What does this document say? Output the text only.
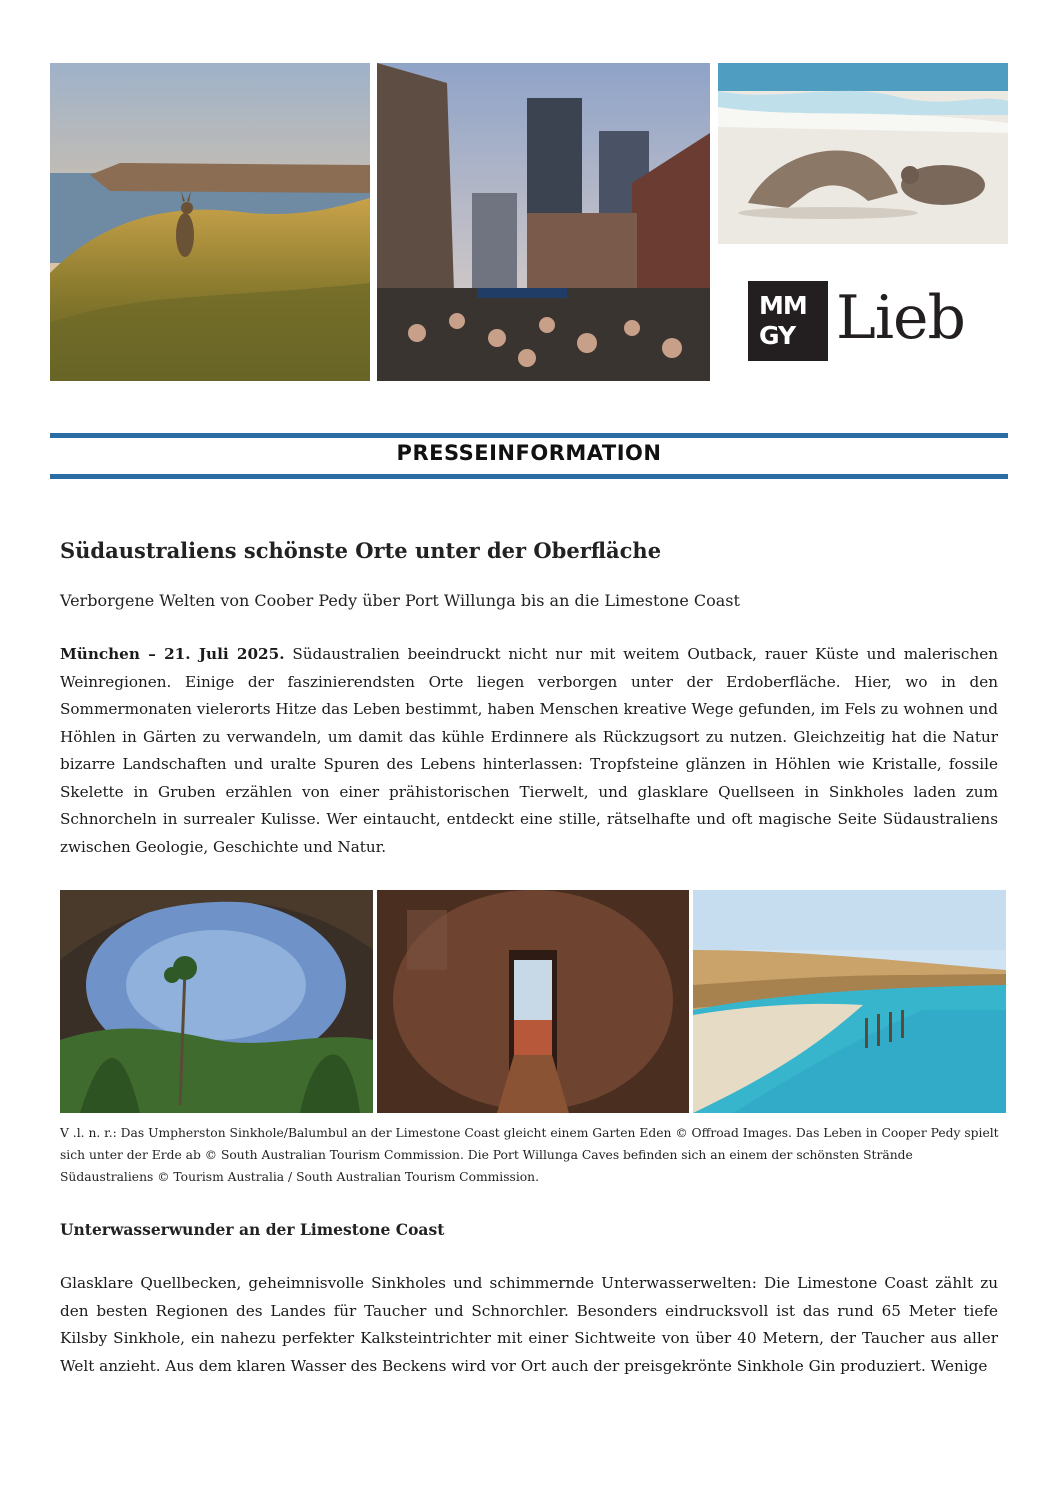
MM
GY Lieb
PRESSEINFORMATION
Südaustraliens schönste Orte unter der Oberfläche
Verborgene Welten von Coober Pedy über Port Willunga bis an die Limestone Coast
München – 21. Juli 2025. Südaustralien beeindruckt nicht nur mit weitem Outback, rauer Küste und malerischen Weinregionen. Einige der faszinierendsten Orte liegen verborgen unter der Erdoberfläche. Hier, wo in den Sommermonaten vielerorts Hitze das Leben bestimmt, haben Menschen kreative Wege gefunden, im Fels zu wohnen und Höhlen in Gärten zu verwandeln, um damit das kühle Erdinnere als Rückzugsort zu nutzen. Gleichzeitig hat die Natur bizarre Landschaften und uralte Spuren des Lebens hinterlassen: Tropfsteine glänzen in Höhlen wie Kristalle, fossile Skelette in Gruben erzählen von einer prähistorischen Tierwelt, und glasklare Quellseen in Sinkholes laden zum Schnorcheln in surrealer Kulisse. Wer eintaucht, entdeckt eine stille, rätselhafte und oft magische Seite Südaustraliens zwischen Geologie, Geschichte und Natur.
V .l. n. r.: Das Umpherston Sinkhole/Balumbul an der Limestone Coast gleicht einem Garten Eden © Offroad Images. Das Leben in Cooper Pedy spielt sich unter der Erde ab © South Australian Tourism Commission. Die Port Willunga Caves befinden sich an einem der schönsten Strände Südaustraliens © Tourism Australia / South Australian Tourism Commission.
Unterwasserwunder an der Limestone Coast
Glasklare Quellbecken, geheimnisvolle Sinkholes und schimmernde Unterwasserwelten: Die Limestone Coast zählt zu den besten Regionen des Landes für Taucher und Schnorchler. Besonders eindrucksvoll ist das rund 65 Meter tiefe Kilsby Sinkhole, ein nahezu perfekter Kalksteintrichter mit einer Sichtweite von über 40 Metern, der Taucher aus aller Welt anzieht. Aus dem klaren Wasser des Beckens wird vor Ort auch der preisgekrönte Sinkhole Gin produziert. Wenige
